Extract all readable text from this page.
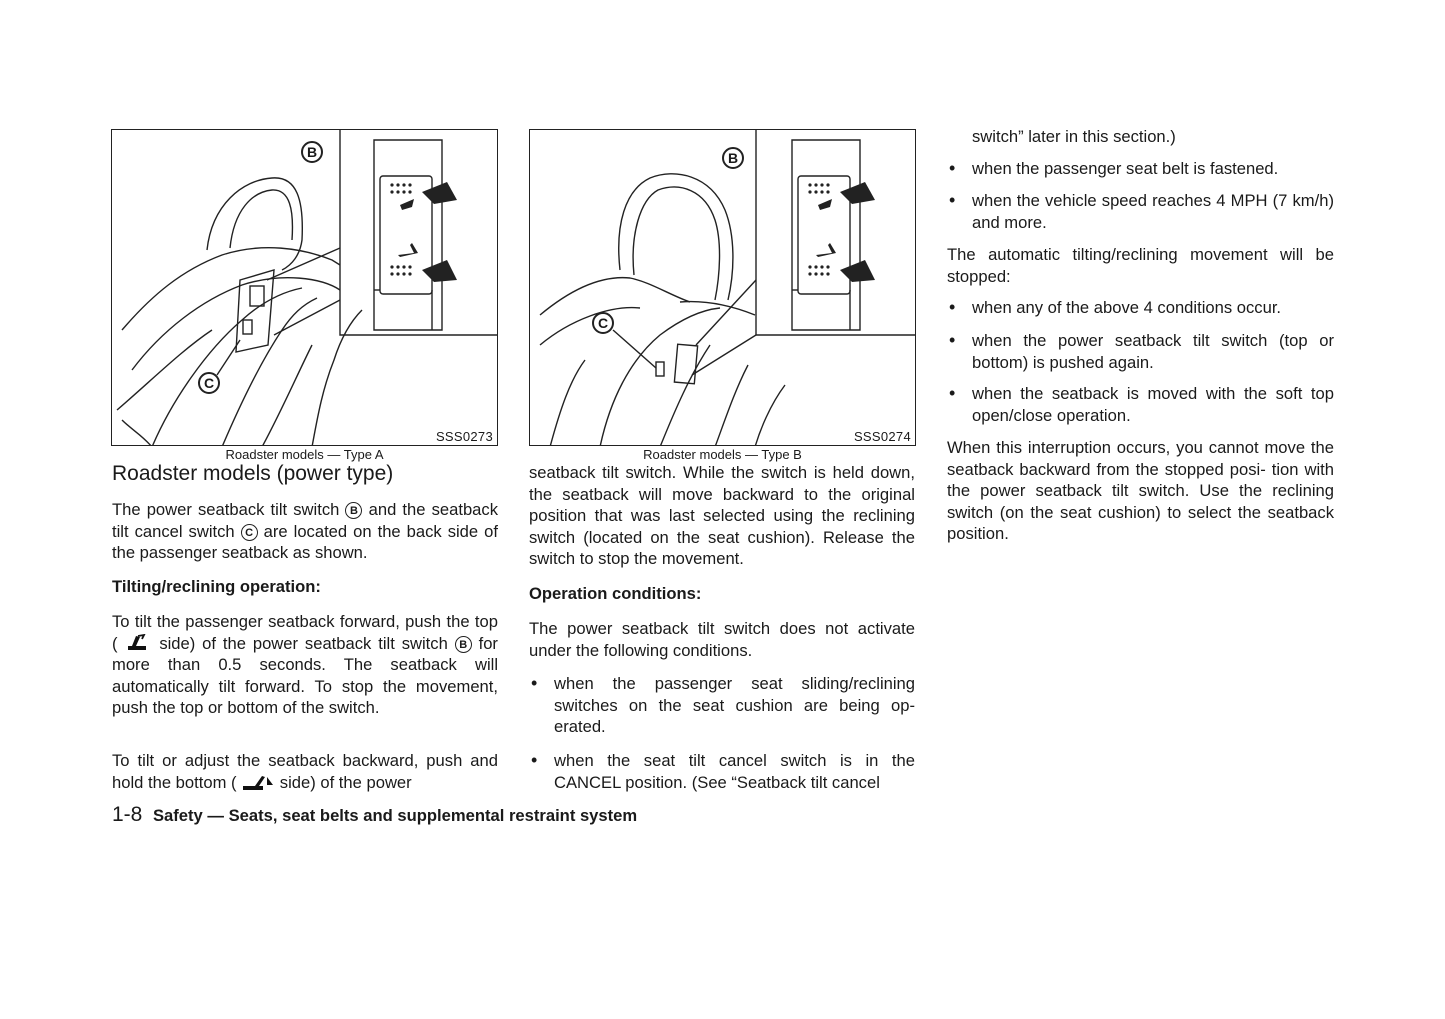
B
C
SSS0273
Roadster models — Type A
B
C
SSS0274
Roadster models — Type B
Roadster models (power type)

The power seatback tilt switch B and the seatback tilt cancel switch C are located on the back side of the passenger seatback as shown.

Tilting/reclining operation:

To tilt the passenger seatback forward, push the top (	side) of the power seatback tilt switch B for more than 0.5 seconds. The seatback will automatically tilt forward. To stop the movement, push the top or bottom of the switch.

To tilt or adjust the seatback backward, push and hold the bottom (	side) of the power

seatback tilt switch. While the switch is held down, the seatback will move backward to the original position that was last selected using the reclining switch (located on the seat cushion). Release the switch to stop the movement.

Operation conditions:

The power seatback tilt switch does not activate under the following conditions.

• when the passenger seat sliding/reclining switches on the seat cushion are being op- erated.

• when the seat tilt cancel switch is in the CANCEL position. (See “Seatback tilt cancel

switch” later in this section.)

• when the passenger seat belt is fastened.

• when the vehicle speed reaches 4 MPH (7 km/h) and more.

The automatic tilting/reclining movement will be stopped:

• when any of the above 4 conditions occur.

• when the power seatback tilt switch (top or bottom) is pushed again.

• when the seatback is moved with the soft top open/close operation.

When this interruption occurs, you cannot move the seatback backward from the stopped posi- tion with the power seatback tilt switch. Use the reclining switch (on the seat cushion) to select the seatback position.

1-8 Safety — Seats, seat belts and supplemental restraint system
